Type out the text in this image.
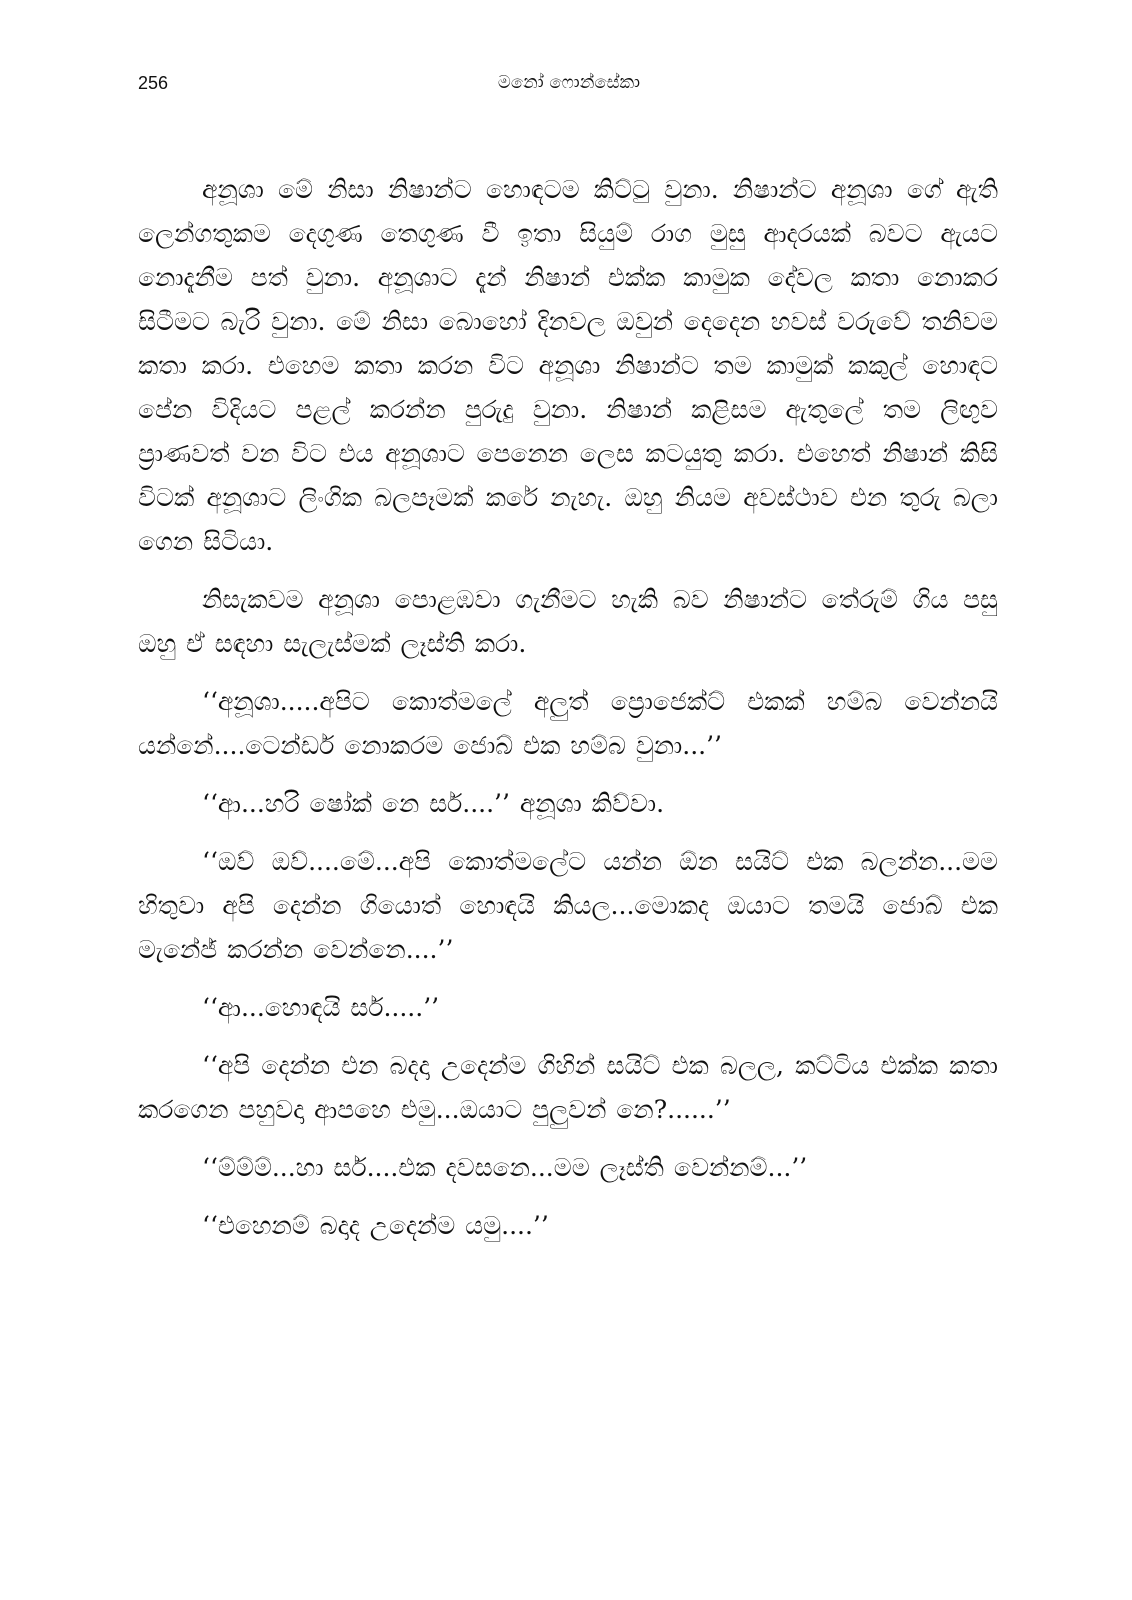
256	මනෝ ෆොන්සේකා

අනූශා මේ නිසා නිෂාන්ට හොඳටම කිට්ටු වුනා. නිෂාන්ට අනූශා ගේ ඇති ලෙන්ගතුකම දෙගුණ තෙගුණ වී ඉතා සියුම් රාග මුසු ආදරයක් බවට ඇයට නොදැනීම පත් වුනා. අනූශාට දැන් නිෂාන් එක්ක කාමුක දේවල කතා නොකර සිටීමට බැරි වුනා. මේ නිසා බොහෝ දිනවල ඔවුන් දෙදෙන හවස් වරුවේ තනිවම කතා කරා. එහෙම කතා කරන විට අනූශා නිෂාන්ට තම කාමුක් කකුල් හොඳට පේන විදියට පළල් කරන්න පුරුදු වුනා. නිෂාන් කළිසම ඇතුලේ තම ලිඟුව ප්‍රාණවත් වන විට එය අනූශාට පෙනෙන ලෙස කටයුතු කරා. එහෙත් නිෂාන් කිසි විටක් අනූශාට ලිංගික බලපෑමක් කරේ නැහැ. ඔහු නියම අවස්ථාව එන තුරු බලා ගෙන සිටියා.

නිසැකවම අනූශා පොළඹවා ගැනීමට හැකි බව නිෂාන්ට තේරුම් ගිය පසු ඔහු ඒ සඳහා සැලැස්මක් ලෑස්ති කරා.

‘‘අනූශා.....අපිට කොත්මලේ අලුත් ප්‍රොජෙක්ට් එකක් හම්බ වෙන්නයි යන්නේ....ටෙන්ඩර් නොකරම ජොබ් එක හම්බ වුනා...’’

‘‘ආ...හරි ෂෝක් නෙ සර්....’’ අනූශා කිව්වා.

‘‘ඔව් ඔව්....මේ...අපි කොත්මලේට යන්න ඕන සයිට් එක බලන්න...මම හිතුවා අපි දෙන්න ගියොත් හොඳයි කියල...මොකද ඔයාට තමයි ජොබ් එක මැනේජ් කරන්න වෙන්නෙ....’’

‘‘ආ...හොඳයි සර්.....’’

‘‘අපි දෙන්න එන බදදා උදෙන්ම ගිහින් සයිට් එක බලල, කට්ටිය එක්ක කතා කරගෙන පහුවදා ආපහෙ එමු...ඔයාට පුලුවන් නෙ?......’’

‘‘ම්ම්ම්...හා සර්....එක දවසනෙ...මම ලෑස්ති වෙන්නම්...’’

‘‘එහෙනම් බදාද උදෙන්ම යමු....’’
